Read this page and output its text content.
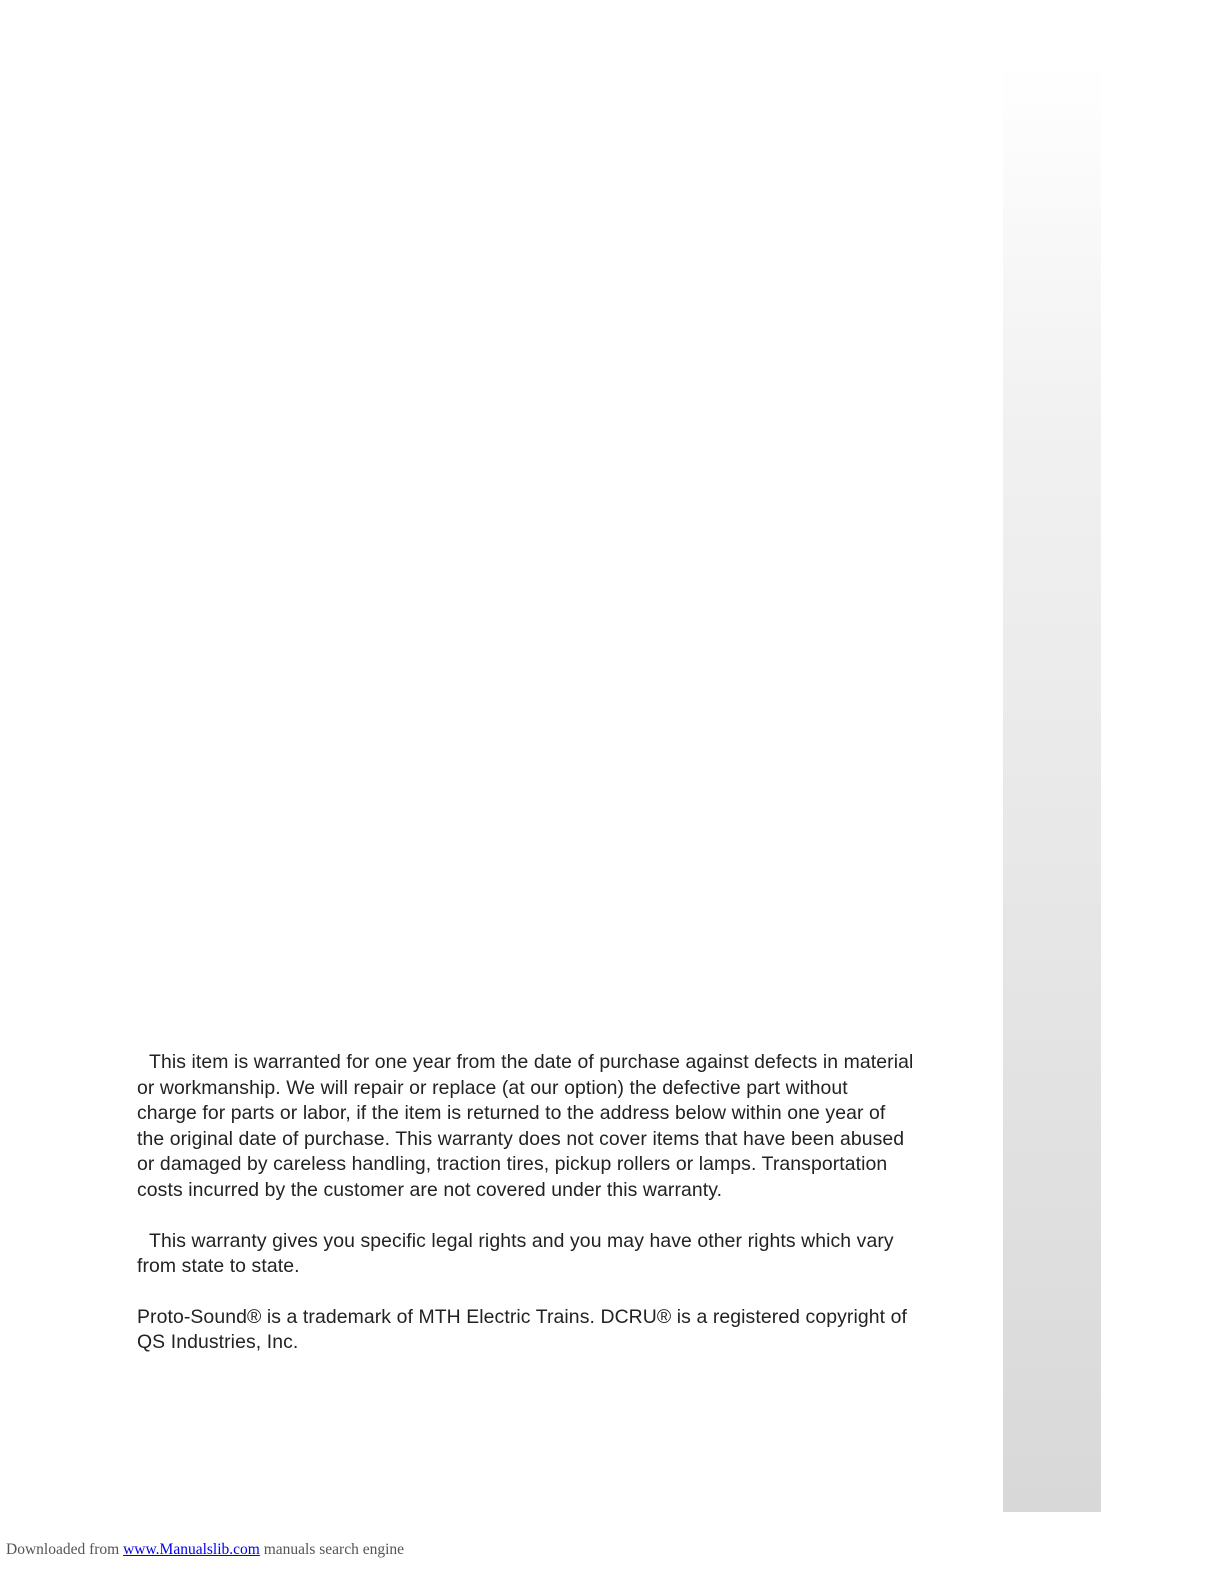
This item is warranted for one year from the date of purchase against defects in material
or workmanship. We will repair or replace (at our option) the defective part without
charge for parts or labor, if the item is returned to the address below within one year of
the original date of purchase. This warranty does not cover items that have been abused
or damaged by careless handling, traction tires, pickup rollers or lamps. Transportation
costs incurred by the customer are not covered under this warranty.

This warranty gives you specific legal rights and you may have other rights which vary
from state to state.

Proto-Sound® is a trademark of MTH Electric Trains. DCRU® is a registered copyright of
QS Industries, Inc.

Downloaded from www.Manualslib.com manuals search engine
